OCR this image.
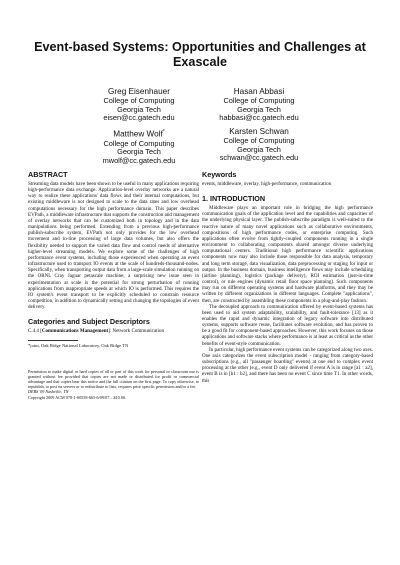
Event-based Systems: Opportunities and Challenges at
Exascale
Greg Eisenhauer
College of Computing
Georgia Tech
eisen@cc.gatech.edu
Hasan Abbasi
College of Computing
Georgia Tech
habbasi@cc.gatech.edu
Matthew Wolf*
College of Computing
Georgia Tech
mwolf@cc.gatech.edu
Karsten Schwan
College of Computing
Georgia Tech
schwan@cc.gatech.edu
ABSTRACT

Streaming data models have been shown to be useful in many applications requiring high-performance data exchange. Application-level overlay networks are a natural way to realize these applications' data flows and their internal computations, but existing middleware is not designed to scale to the data rates and low overhead computations necessary for the high performance domain. This paper describes EVPath, a middleware infrastructure that supports the construction and management of overlay networks that can be customized both in topology and in the data manipulations being performed. Extending from a previous high-performance publish-subscribe system, EVPath not only provides for the low overhead movement and in-line processing of large data volumes, but also offers the flexibility needed to support the varied data flow and control needs of alternative higher-level streaming models. We explore some of the challenges of high performance event systems, including those experienced when operating an event infrastructure used to transport IO events at the scale of hundreds-thousand-nodes. Specifically, when transporting output data from a large-scale simulation running on the ORNL Cray Jaguar petascale machine, a surprising new issue seen in experimentation at scale is the potential for strong perturbation of running applications from inappropriate speeds at which IO is performed. This requires the IO system's event transport to be explicitly scheduled to constrain resource competition, in addition to dynamically setting and changing the topologies of event delivery.

Categories and Subject Descriptors

C.4.4 [Communications Management]: Network Communication

*joint, Oak Ridge National Laboratory, Oak Ridge TN
Permission to make digital or hard copies of all or part of this work for personal or classroom use is granted without fee provided that copies are not made or distributed for profit or commercial advantage and that copies bear this notice and the full citation on the first page. To copy otherwise, to republish, to post on servers or to redistribute to lists, requires prior specific permission and/or a fee.
DEBS '09 Nashville, TN
Copyright 2009 ACM 978-1-60558-665-6/09/07 ...$10.00.
Keywords

events, middleware, overlay, high-performance, communication

1. INTRODUCTION

Middleware plays an important role in bridging the high performance communication goals of the application level and the capabilities and capacities of the underlying physical layer. The publish-subscribe paradigm is well-suited to the reactive nature of many novel applications such as collaborative environments, compositions of high performance codes, or enterprise computing. Such applications often evolve from tightly-coupled components running in a single environment to collaborating components shared amongst diverse underlying computational centers. Traditional high performance scientific applications components now may also include those responsible for data analysis, temporary and long term storage, data visualization, data preprocessing or staging for input or output. In the business domain, business intelligence flows may include scheduling (airline planning), logistics (package delivery), ROI estimation (just-in-time control), or rule engines (dynamic retail floor space planning). Such components may run on different operating systems and hardware platforms, and they may be written by different organizations in different languages. Complete "applications", then, are constructed by assembling these components in a plug-and-play fashion.

The decoupled approach to communication offered by event-based systems has been used to aid system adaptability, scalability, and fault-tolerance [13] as it enables the rapid and dynamic integration of legacy software into distributed systems, supports software reuse, facilitates software evolution, and has proven to be a good fit for component-based approaches. However, this work focuses on those applications and software stacks where performance is at least as critical as the other benefits of event-style communication.

In particular, high performance event systems can be categorized along two axes. One axis categorizes the event subscription model - ranging from category-based subscriptions (e.g., all "passenger boarding" events) at one end to complex event processing at the other (e.g., event D only delivered if event A is in range [a1 : a2], event B is in [b1 : b2], and there has been no event C since time T1. In other words, this
